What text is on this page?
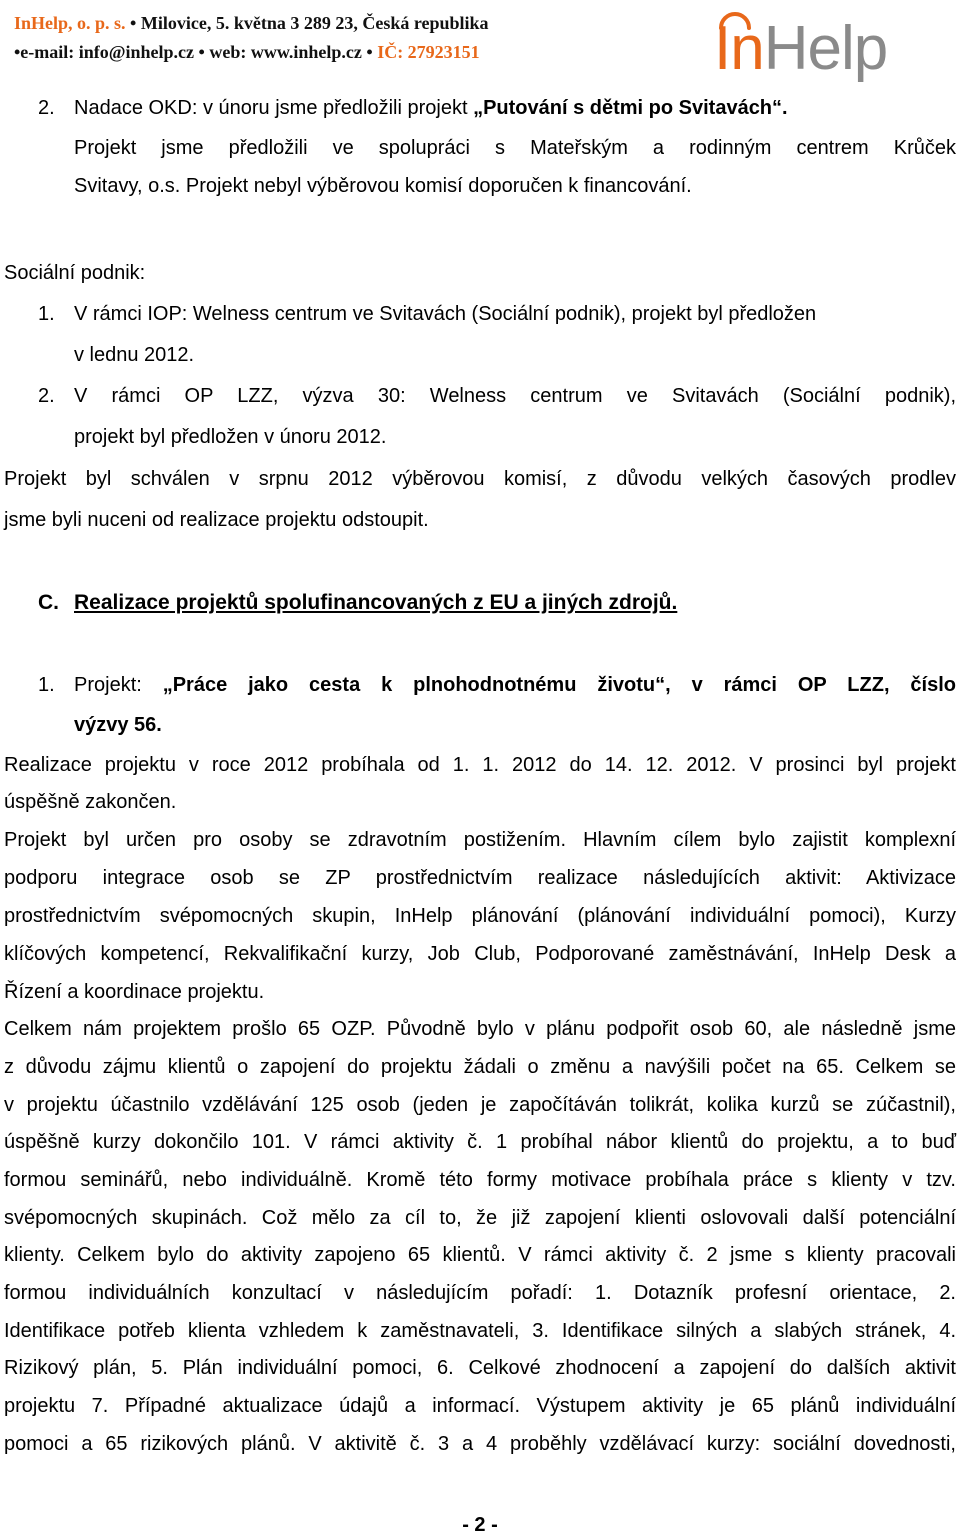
InHelp, o. p. s. • Milovice, 5. května 3 289 23, Česká republika
•e-mail: info@inhelp.cz • web: www.inhelp.cz • IČ: 27923151	InHelp
2. Nadace OKD: v únoru jsme předložili projekt „Putování s dětmi po Svitavách“.
Projekt jsme předložili ve spolupráci s Mateřským a rodinným centrem Krůček
Svitavy, o.s. Projekt nebyl výběrovou komisí doporučen k financování.
Sociální podnik:
1. V rámci IOP: Welness centrum ve Svitavách (Sociální podnik), projekt byl předložen
v lednu 2012.
2. V rámci OP LZZ, výzva 30: Welness centrum ve Svitavách (Sociální podnik),
projekt byl předložen v únoru 2012.
Projekt byl schválen v srpnu 2012 výběrovou komisí, z důvodu velkých časových prodlev
jsme byli nuceni od realizace projektu odstoupit.
C. Realizace projektů spolufinancovaných z EU a jiných zdrojů.
1. Projekt: „Práce jako cesta k plnohodnotnému životu“, v rámci OP LZZ, číslo
výzvy 56.
Realizace projektu v roce 2012 probíhala od 1. 1. 2012 do 14. 12. 2012. V prosinci byl projekt
úspěšně zakončen.
Projekt byl určen pro osoby se zdravotním postižením. Hlavním cílem bylo zajistit komplexní
podporu integrace osob se ZP prostřednictvím realizace následujících aktivit: Aktivizace
prostřednictvím svépomocných skupin, InHelp plánování (plánování individuální pomoci), Kurzy
klíčových kompetencí, Rekvalifikační kurzy, Job Club, Podporované zaměstnávání, InHelp Desk a
Řízení a koordinace projektu.
Celkem nám projektem prošlo 65 OZP. Původně bylo v plánu podpořit osob 60, ale následně jsme
z důvodu zájmu klientů o zapojení do projektu žádali o změnu a navýšili počet na 65. Celkem se
v projektu účastnilo vzdělávání 125 osob (jeden je započítáván tolikrát, kolika kurzů se zúčastnil),
úspěšně kurzy dokončilo 101. V rámci aktivity č. 1 probíhal nábor klientů do projektu, a to buď
formou seminářů, nebo individuálně. Kromě této formy motivace probíhala práce s klienty v tzv.
svépomocných skupinách. Což mělo za cíl to, že již zapojení klienti oslovovali další potenciální
klienty. Celkem bylo do aktivity zapojeno 65 klientů. V rámci aktivity č. 2 jsme s klienty pracovali
formou individuálních konzultací v následujícím pořadí: 1. Dotazník profesní orientace, 2.
Identifikace potřeb klienta vzhledem k zaměstnavateli, 3. Identifikace silných a slabých stránek, 4.
Rizikový plán, 5. Plán individuální pomoci, 6. Celkové zhodnocení a zapojení do dalších aktivit
projektu 7. Případné aktualizace údajů a informací. Výstupem aktivity je 65 plánů individuální
pomoci a 65 rizikových plánů. V aktivitě č. 3 a 4 proběhly vzdělávací kurzy: sociální dovednosti,
- 2 -
